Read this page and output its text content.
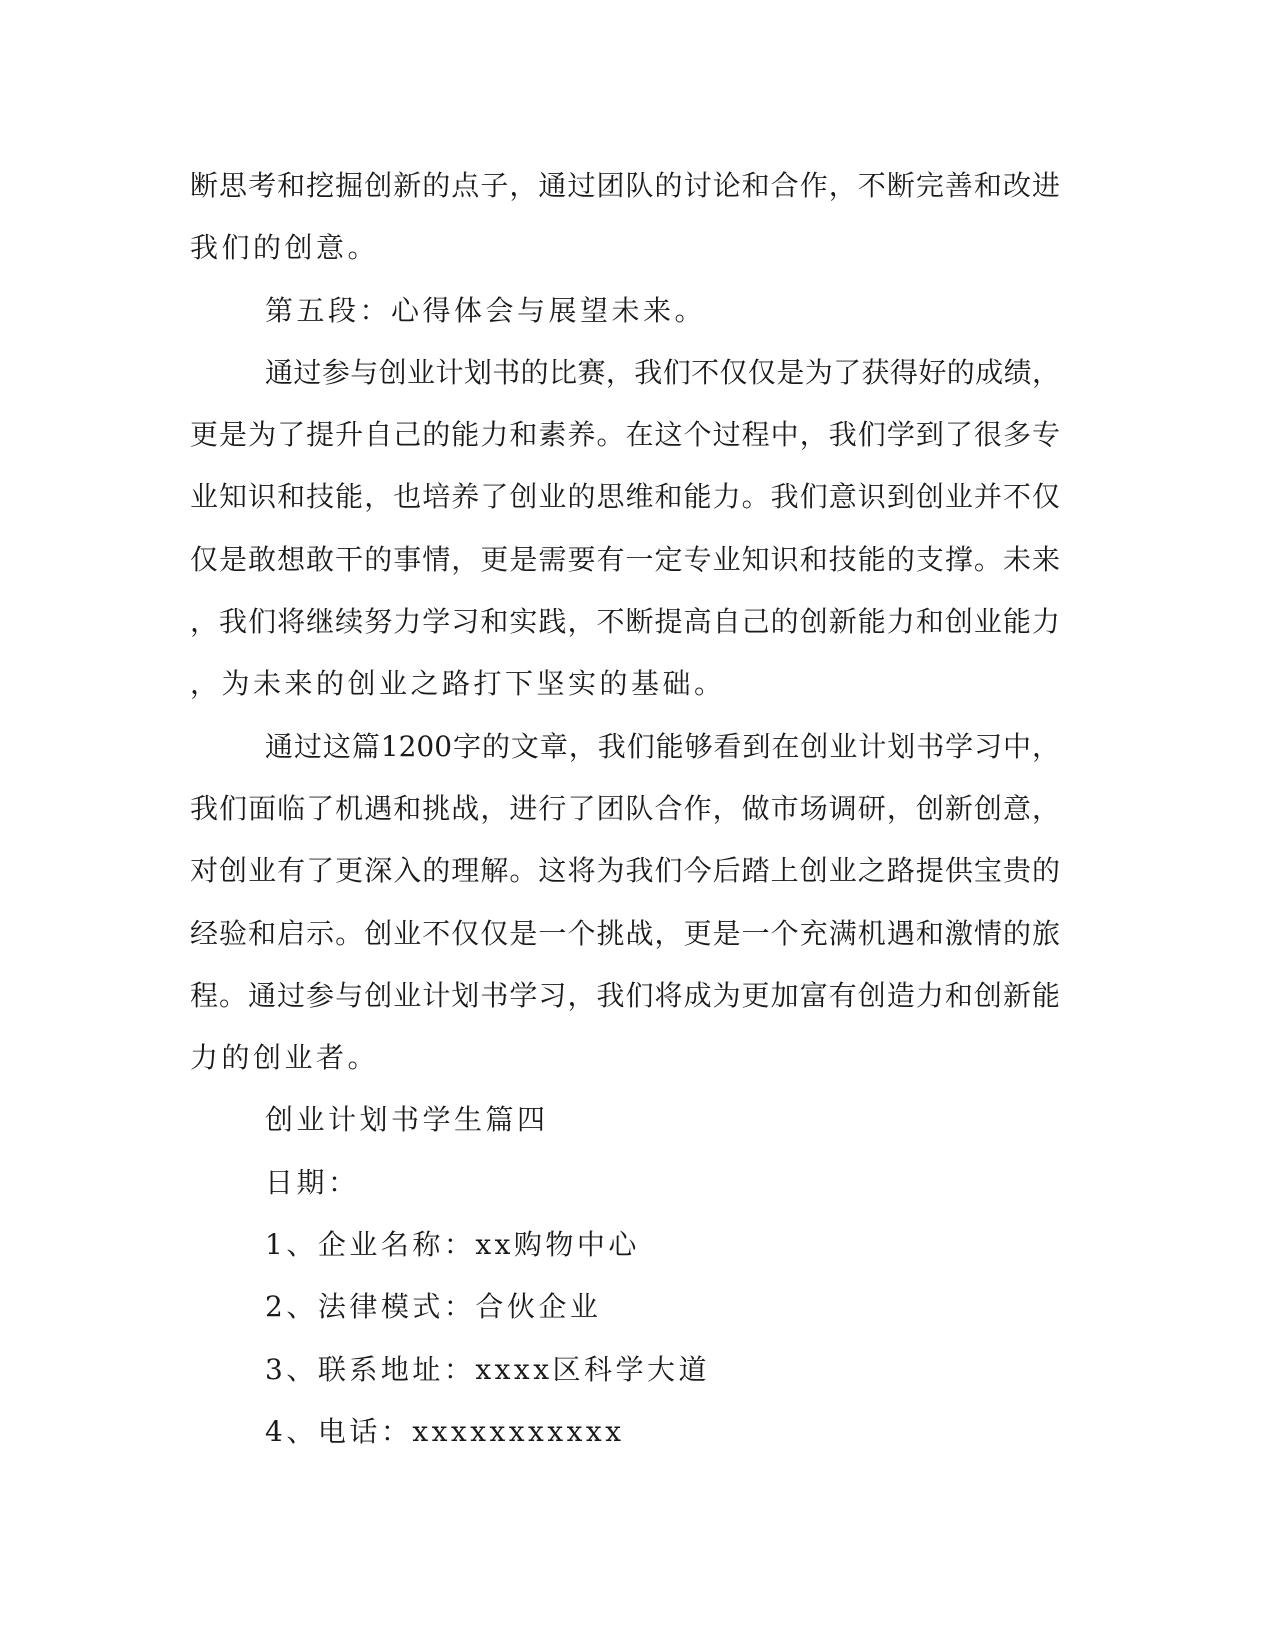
断思考和挖掘创新的点子，通过团队的讨论和合作，不断完善和改进
我们的创意。
第五段：心得体会与展望未来。
通过参与创业计划书的比赛，我们不仅仅是为了获得好的成绩，
更是为了提升自己的能力和素养。在这个过程中，我们学到了很多专
业知识和技能，也培养了创业的思维和能力。我们意识到创业并不仅
仅是敢想敢干的事情，更是需要有一定专业知识和技能的支撑。未来
，我们将继续努力学习和实践，不断提高自己的创新能力和创业能力
，为未来的创业之路打下坚实的基础。
通过这篇1200字的文章，我们能够看到在创业计划书学习中，
我们面临了机遇和挑战，进行了团队合作，做市场调研，创新创意，
对创业有了更深入的理解。这将为我们今后踏上创业之路提供宝贵的
经验和启示。创业不仅仅是一个挑战，更是一个充满机遇和激情的旅
程。通过参与创业计划书学习，我们将成为更加富有创造力和创新能
力的创业者。
创业计划书学生篇四
日期：
1、企业名称：xx购物中心
2、法律模式：合伙企业
3、联系地址：xxxx区科学大道
4、电话：xxxxxxxxxxx
